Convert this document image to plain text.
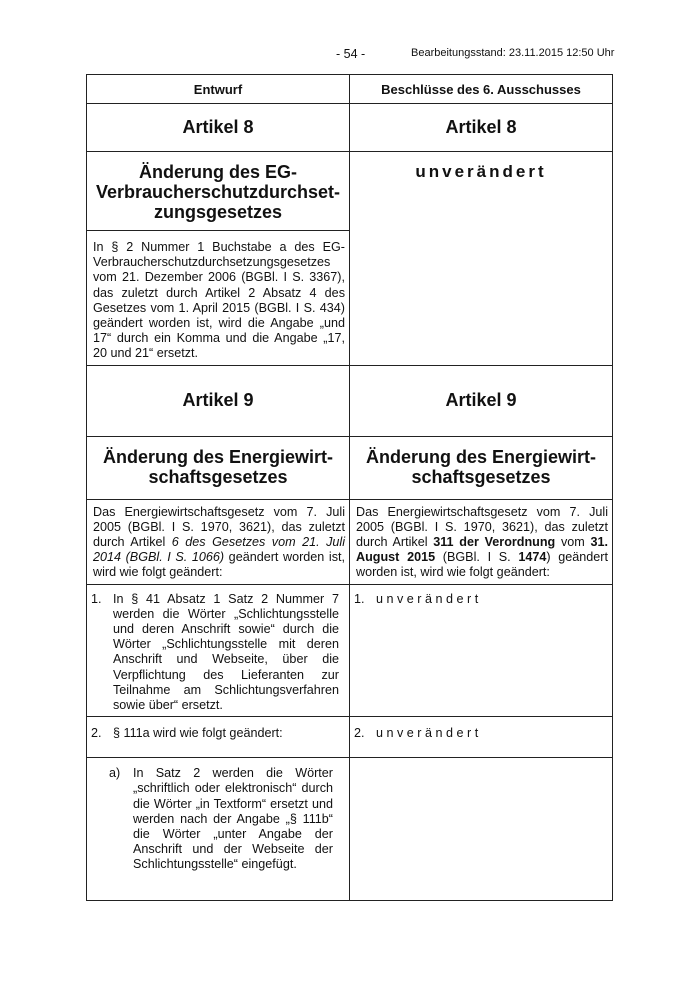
- 54 -	Bearbeitungsstand: 23.11.2015 12:50 Uhr
Entwurf	Beschlüsse des 6. Ausschusses
Artikel 8	Artikel 8
Änderung des EG-Verbraucherschutzdurchset-zungsgesetzes	unverändert
In § 2 Nummer 1 Buchstabe a des EG-Verbraucherschutzdurchsetzungsgesetzes vom 21. Dezember 2006 (BGBl. I S. 3367), das zuletzt durch Artikel 2 Absatz 4 des Gesetzes vom 1. April 2015 (BGBl. I S. 434) geändert worden ist, wird die Angabe „und 17“ durch ein Komma und die Angabe „17, 20 und 21“ ersetzt.	
Artikel 9	Artikel 9
Änderung des Energiewirt-schaftsgesetzes	Änderung des Energiewirt-schaftsgesetzes
Das Energiewirtschaftsgesetz vom 7. Juli 2005 (BGBl. I S. 1970, 3621), das zuletzt durch Artikel 6 des Gesetzes vom 21. Juli 2014 (BGBl. I S. 1066) geändert worden ist, wird wie folgt geändert:	Das Energiewirtschaftsgesetz vom 7. Juli 2005 (BGBl. I S. 1970, 3621), das zuletzt durch Artikel 311 der Verordnung vom 31. August 2015 (BGBl. I S. 1474) geändert worden ist, wird wie folgt geändert:
1. In § 41 Absatz 1 Satz 2 Nummer 7 werden die Wörter „Schlichtungsstelle und deren Anschrift sowie“ durch die Wörter „Schlichtungsstelle mit deren Anschrift und Webseite, über die Verpflichtung des Lieferanten zur Teilnahme am Schlichtungsverfahren sowie über“ ersetzt.	1. unverändert
2. § 111a wird wie folgt geändert:	2. unverändert
a) In Satz 2 werden die Wörter „schriftlich oder elektronisch“ durch die Wörter „in Textform“ ersetzt und werden nach der Angabe „§ 111b“ die Wörter „unter Angabe der Anschrift und der Webseite der Schlichtungsstelle“ eingefügt.	
